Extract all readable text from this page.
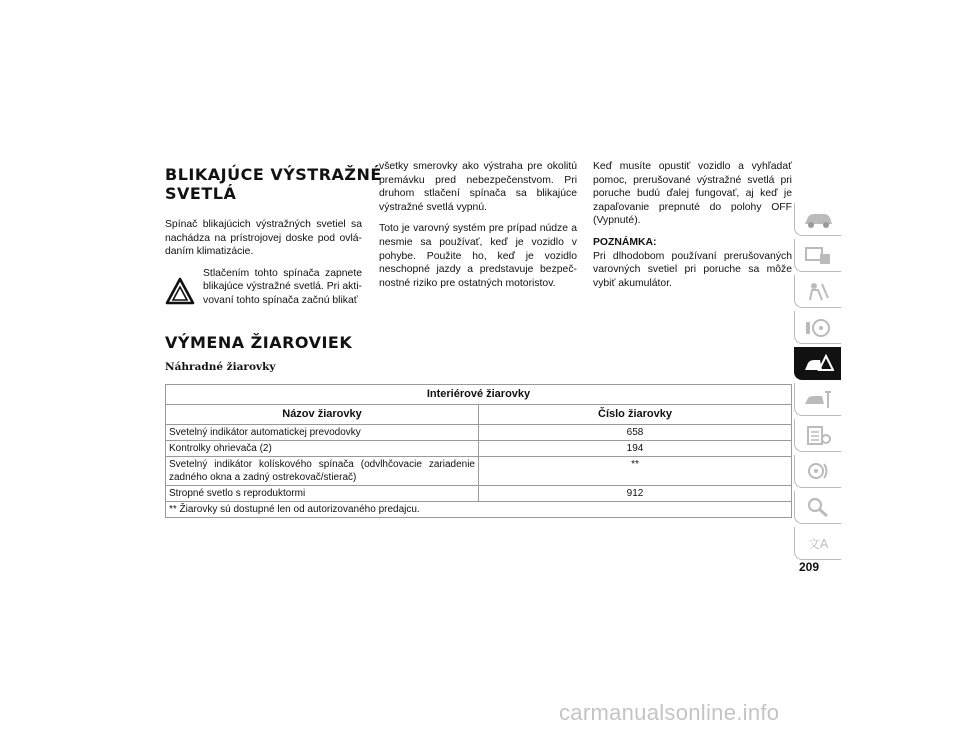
BLIKAJÚCE VÝSTRAŽNÉ
SVETLÁ

Spínač blikajúcich výstražných svetiel sa nachádza na prístrojovej doske pod ovlá-daním klimatizácie.

Stlačením tohto spínača zapnete blikajúce výstražné svetlá. Pri akti-vovaní tohto spínača začnú blikať

všetky smerovky ako výstraha pre okolitú premávku pred nebezpečenstvom. Pri druhom stlačení spínača sa blikajúce výstražné svetlá vypnú.

Toto je varovný systém pre prípad núdze a nesmie sa používať, keď je vozidlo v pohybe. Použite ho, keď je vozidlo neschopné jazdy a predstavuje bezpeč-nostné riziko pre ostatných motoristov.

Keď musíte opustiť vozidlo a vyhľadať pomoc, prerušované výstražné svetlá pri poruche budú ďalej fungovať, aj keď je zapaľovanie prepnuté do polohy OFF (Vypnuté).

POZNÁMKA:

Pri dlhodobom používaní prerušovaných varovných svetiel pri poruche sa môže vybiť akumulátor.

VÝMENA ŽIAROVIEK
Náhradné žiarovky
Interiérové žiarovky	
Názov žiarovky	Číslo žiarovky
Svetelný indikátor automatickej prevodovky	658
Kontrolky ohrievača (2)	194
Svetelný indikátor kolískového spínača (odvlhčovacie zariadenie zadného okna a zadný ostrekovač/stierač)	**
Stropné svetlo s reproduktormi	912
** Žiarovky sú dostupné len od autorizovaného predajcu.	
文A
209
carmanualsonline.info
